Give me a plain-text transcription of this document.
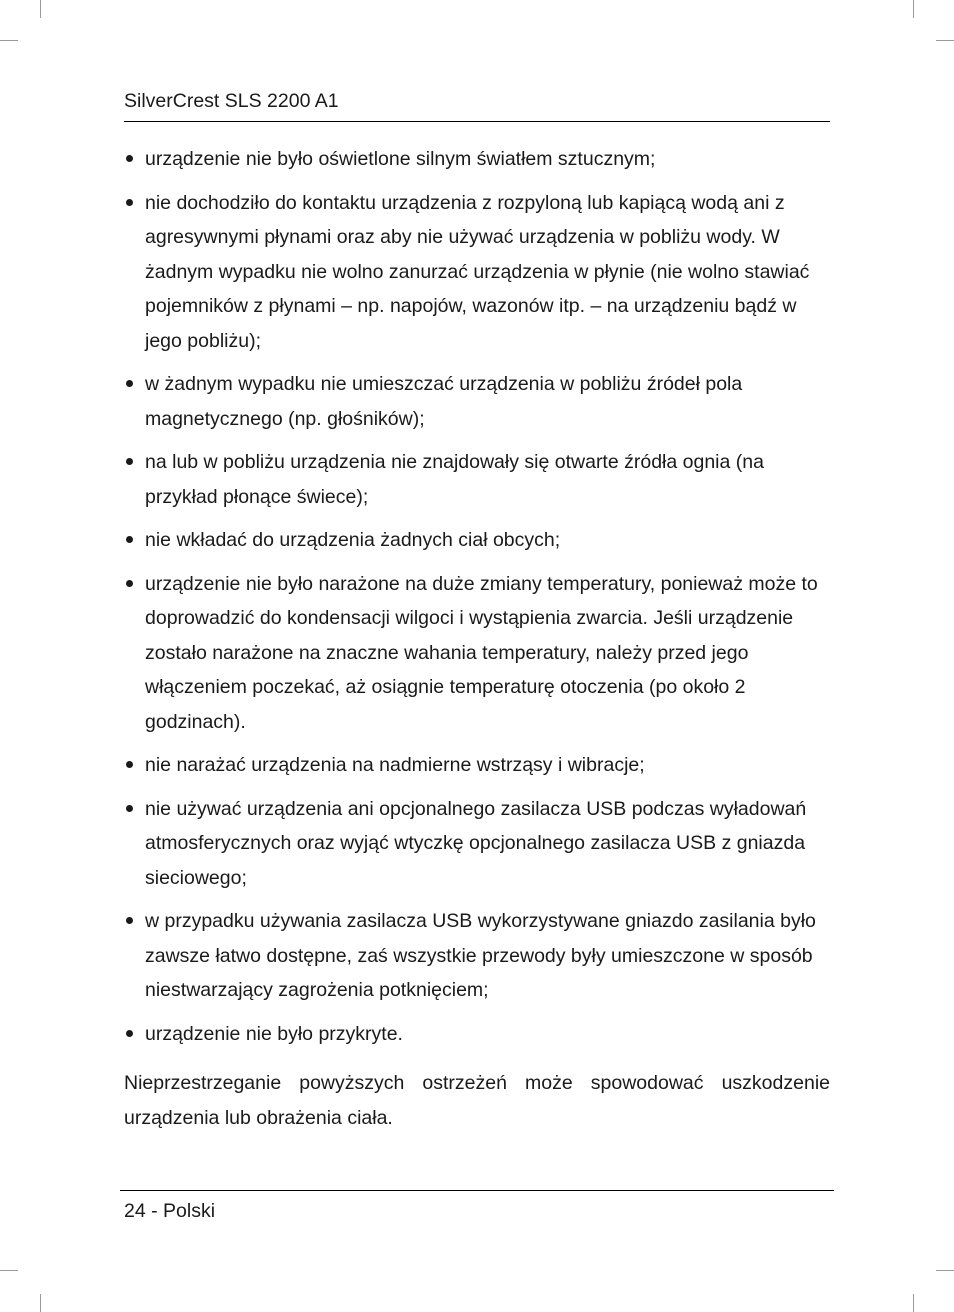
SilverCrest SLS 2200 A1
urządzenie nie było oświetlone silnym światłem sztucznym;
nie dochodziło do kontaktu urządzenia z rozpyloną lub kapiącą wodą ani z agresywnymi płynami oraz aby nie używać urządzenia w pobliżu wody. W żadnym wypadku nie wolno zanurzać urządzenia w płynie (nie wolno stawiać pojemników z płynami – np. napojów, wazonów itp. – na urządzeniu bądź w jego pobliżu);
w żadnym wypadku nie umieszczać urządzenia w pobliżu źródeł pola magnetycznego (np. głośników);
na lub w pobliżu urządzenia nie znajdowały się otwarte źródła ognia (na przykład płonące świece);
nie wkładać do urządzenia żadnych ciał obcych;
urządzenie nie było narażone na duże zmiany temperatury, ponieważ może to doprowadzić do kondensacji wilgoci i wystąpienia zwarcia. Jeśli urządzenie zostało narażone na znaczne wahania temperatury, należy przed jego włączeniem poczekać, aż osiągnie temperaturę otoczenia (po około 2 godzinach).
nie narażać urządzenia na nadmierne wstrząsy i wibracje;
nie używać urządzenia ani opcjonalnego zasilacza USB podczas wyładowań atmosferycznych oraz wyjąć wtyczkę opcjonalnego zasilacza USB z gniazda sieciowego;
w przypadku używania zasilacza USB wykorzystywane gniazdo zasilania było zawsze łatwo dostępne, zaś wszystkie przewody były umieszczone w sposób niestwarzający zagrożenia potknięciem;
urządzenie nie było przykryte.

Nieprzestrzeganie powyższych ostrzeżeń może spowodować uszkodzenie urządzenia lub obrażenia ciała.

24 - Polski
